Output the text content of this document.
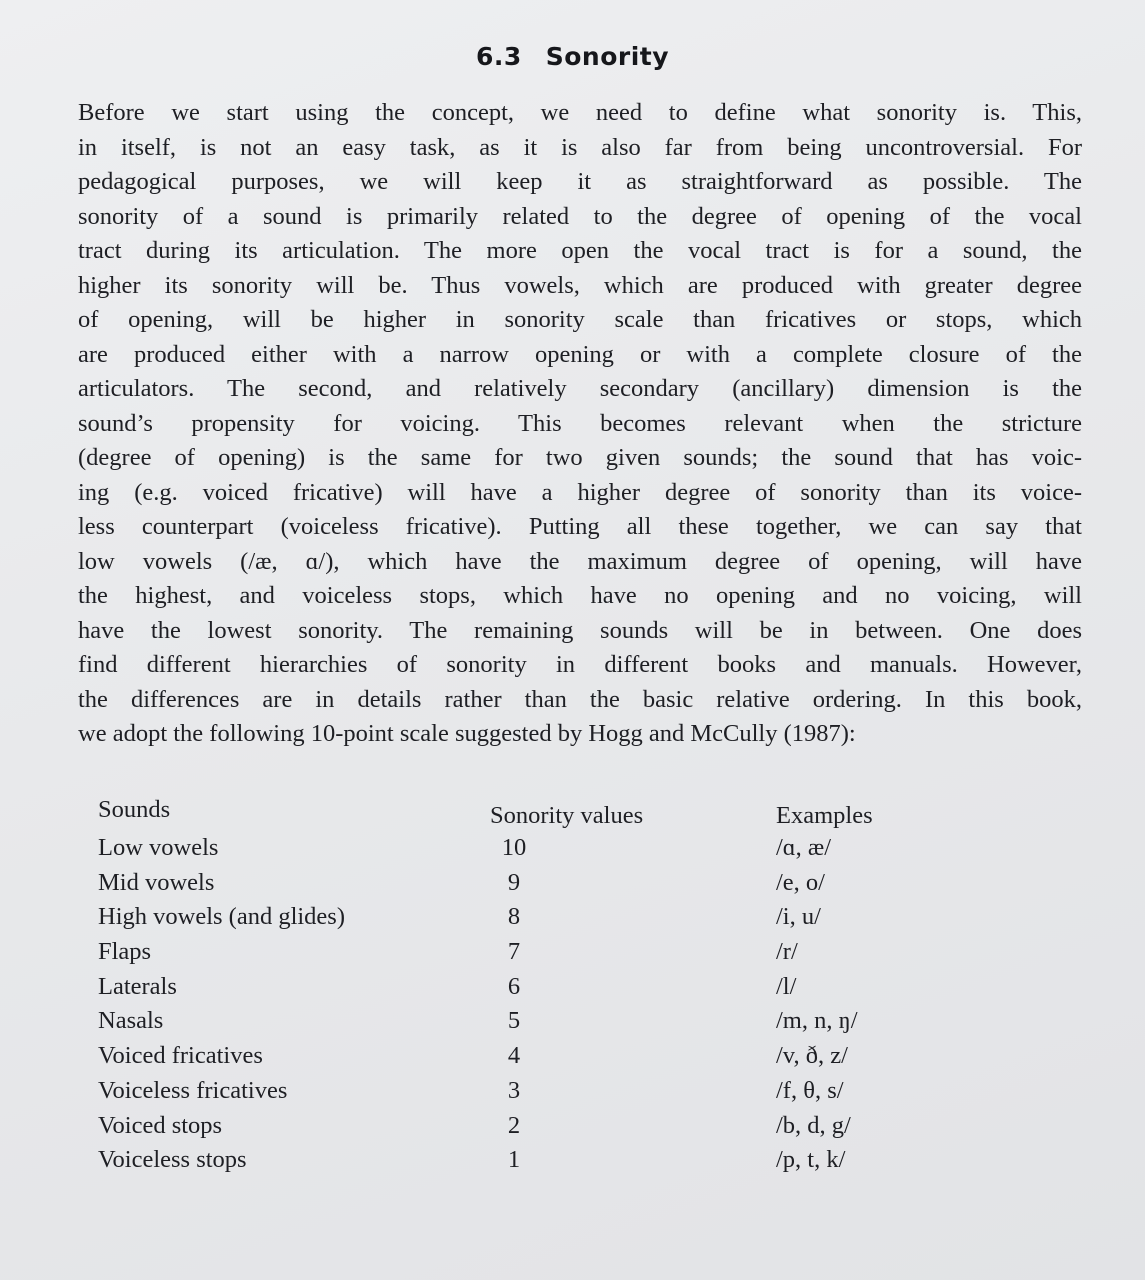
6.3 Sonority
Before we start using the concept, we need to define what sonority is. This,
in itself, is not an easy task, as it is also far from being uncontroversial. For
pedagogical purposes, we will keep it as straightforward as possible. The
sonority of a sound is primarily related to the degree of opening of the vocal
tract during its articulation. The more open the vocal tract is for a sound, the
higher its sonority will be. Thus vowels, which are produced with greater degree
of opening, will be higher in sonority scale than fricatives or stops, which
are produced either with a narrow opening or with a complete closure of the
articulators. The second, and relatively secondary (ancillary) dimension is the
sound’s propensity for voicing. This becomes relevant when the stricture
(degree of opening) is the same for two given sounds; the sound that has voic-
ing (e.g. voiced fricative) will have a higher degree of sonority than its voice-
less counterpart (voiceless fricative). Putting all these together, we can say that
low vowels (/æ, ɑ/), which have the maximum degree of opening, will have
the highest, and voiceless stops, which have no opening and no voicing, will
have the lowest sonority. The remaining sounds will be in between. One does
find different hierarchies of sonority in different books and manuals. However,
the differences are in details rather than the basic relative ordering. In this book,
we adopt the following 10-point scale suggested by Hogg and McCully (1987):
Sounds	Sonority values	Examples
Low vowels	10	/ɑ, æ/
Mid vowels	9	/e, o/
High vowels (and glides)	8	/i, u/
Flaps	7	/r/
Laterals	6	/l/
Nasals	5	/m, n, ŋ/
Voiced fricatives	4	/v, ð, z/
Voiceless fricatives	3	/f, θ, s/
Voiced stops	2	/b, d, g/
Voiceless stops	1	/p, t, k/
